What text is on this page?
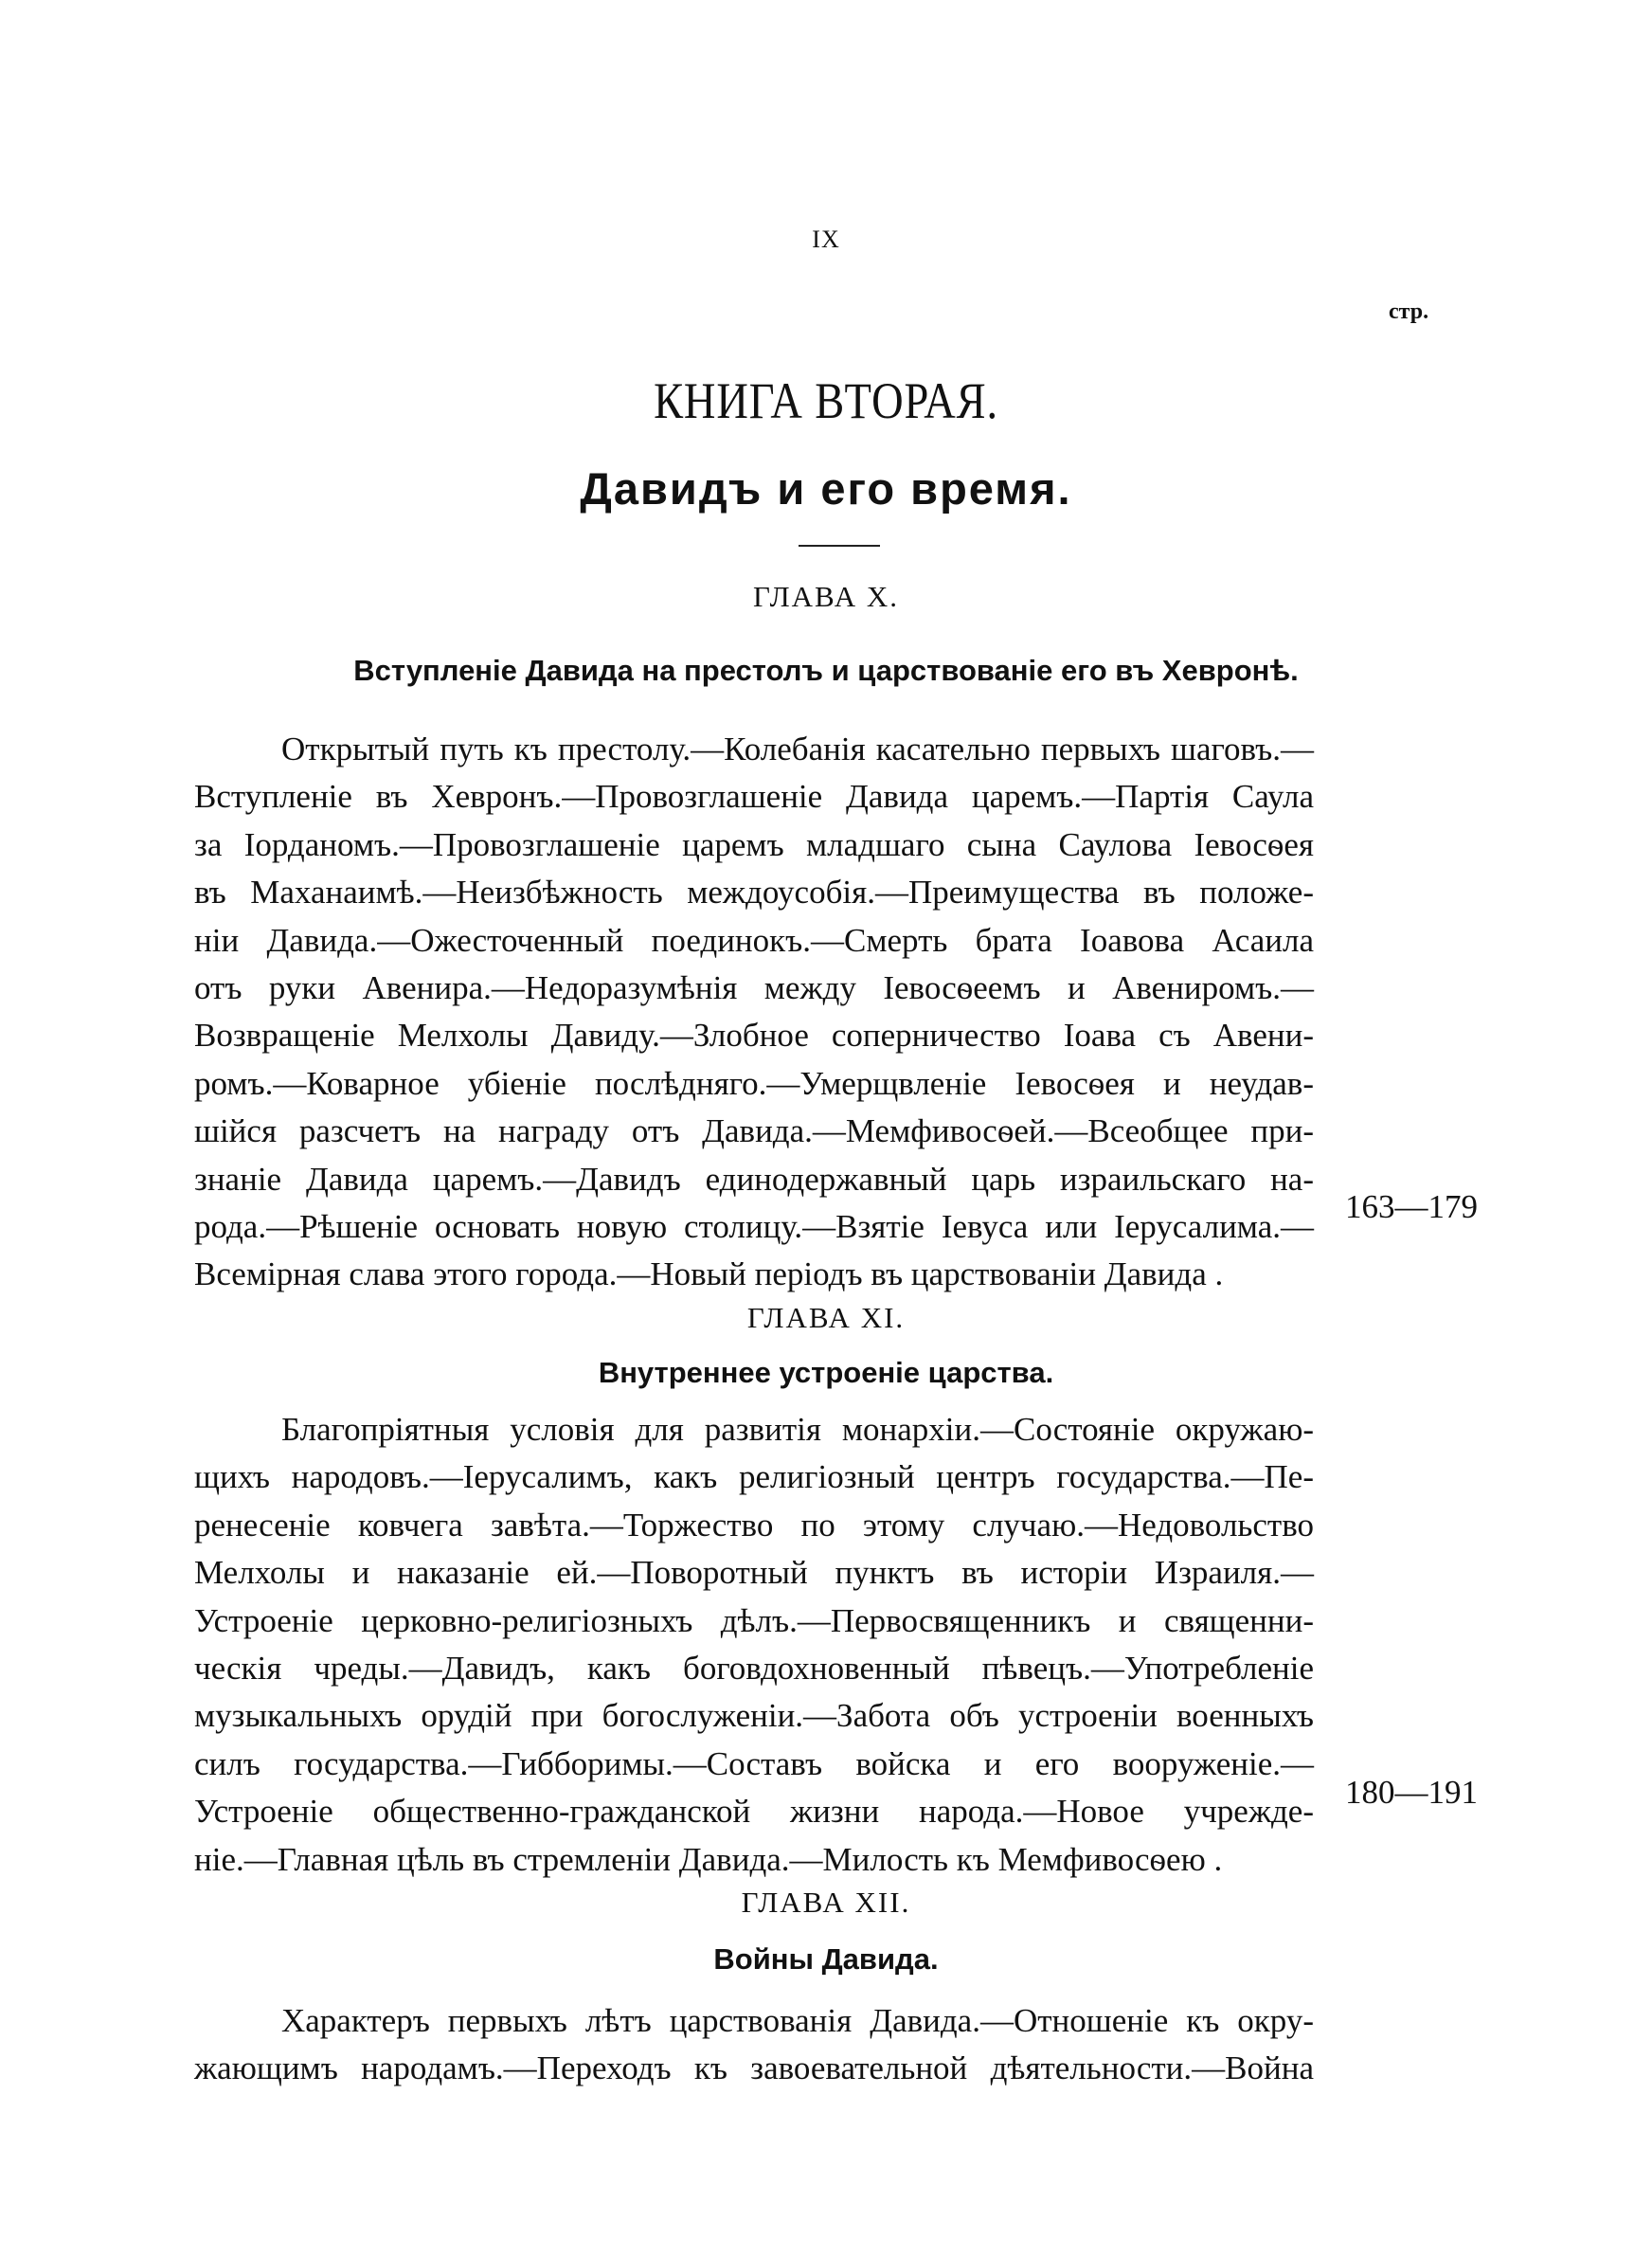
IX
стр.
КНИГА ВТОРАЯ.
Давидъ и его время.
ГЛАВА X.
Вступленіе Давида на престолъ и царствованіе его въ Хевронѣ.
Открытый путь къ престолу.—Колебанія касательно первыхъ шаговъ.—
Вступленіе въ Хевронъ.—Провозглашеніе Давида царемъ.—Партія Саула
за Іорданомъ.—Провозглашеніе царемъ младшаго сына Саулова Іевосѳея
въ Маханаимѣ.—Неизбѣжность междоусобія.—Преимущества въ положе-
ніи Давида.—Ожесточенный поединокъ.—Смерть брата Іоавова Асаила
отъ руки Авенира.—Недоразумѣнія между Іевосѳеемъ и Авениромъ.—
Возвращеніе Мелхолы Давиду.—Злобное соперничество Іоава съ Авени-
ромъ.—Коварное убіеніе послѣдняго.—Умерщвленіе Іевосѳея и неудав-
шійся разсчетъ на награду отъ Давида.—Мемфивосѳей.—Всеобщее при-
знаніе Давида царемъ.—Давидъ единодержавный царь израильскаго на-
рода.—Рѣшеніе основать новую столицу.—Взятіе Іевуса или Іерусалима.—
Всемірная слава этого города.—Новый періодъ въ царствованіи Давида .
163—179
ГЛАВА XI.
Внутреннее устроеніе царства.
Благопріятныя условія для развитія монархіи.—Состояніе окружаю-
щихъ народовъ.—Іерусалимъ, какъ религіозный центръ государства.—Пе-
ренесеніе ковчега завѣта.—Торжество по этому случаю.—Недовольство
Мелхолы и наказаніе ей.—Поворотный пунктъ въ исторіи Израиля.—
Устроеніе церковно-религіозныхъ дѣлъ.—Первосвященникъ и священни-
ческія чреды.—Давидъ, какъ боговдохновенный пѣвецъ.—Употребленіе
музыкальныхъ орудій при богослуженіи.—Забота объ устроеніи военныхъ
силъ государства.—Гибборимы.—Составъ войска и его вооруженіе.—
Устроеніе общественно-гражданской жизни народа.—Новое учрежде-
ніе.—Главная цѣль въ стремленіи Давида.—Милость къ Мемфивосѳею .
180—191
ГЛАВА XII.
Войны Давида.
Характеръ первыхъ лѣтъ царствованія Давида.—Отношеніе къ окру-
жающимъ народамъ.—Переходъ къ завоевательной дѣятельности.—Война
